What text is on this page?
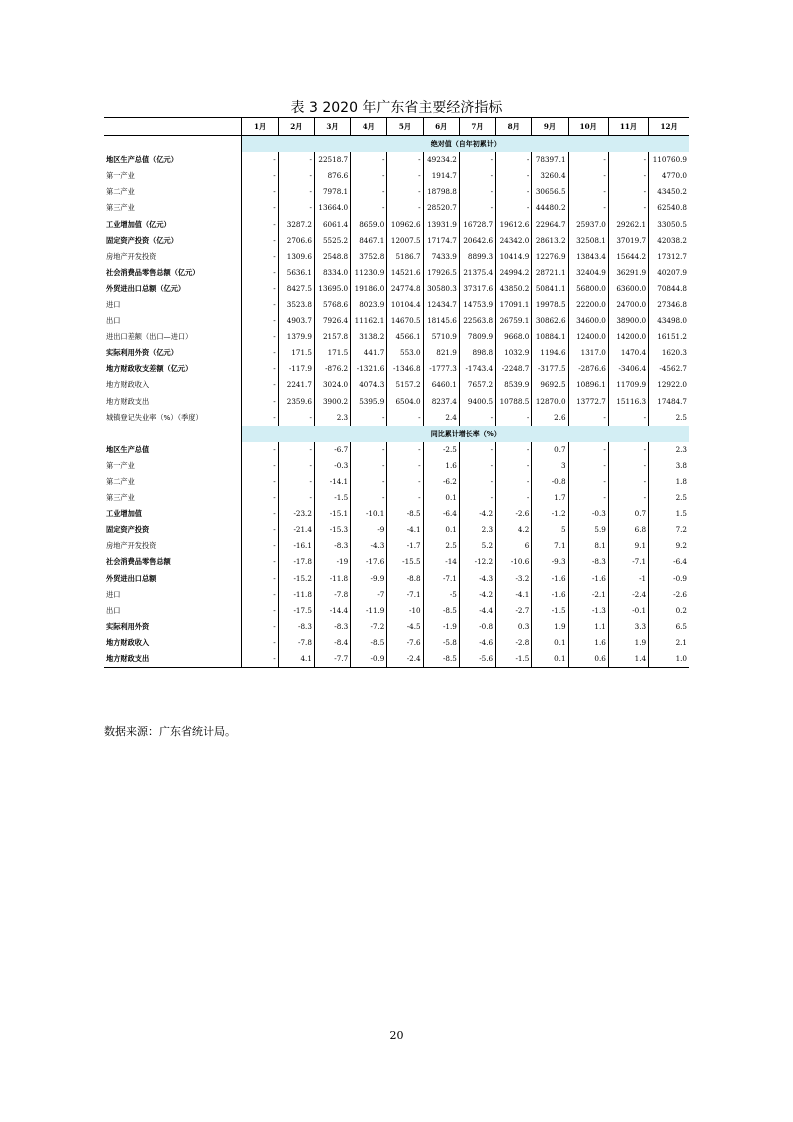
表 3 2020 年广东省主要经济指标
	1月	2月	3月	4月	5月	6月	7月	8月	9月	10月	11月	12月
	绝对值（自年初累计）											
地区生产总值（亿元）	-	-	22518.7	-	-	49234.2	-	-	78397.1	-	-	110760.9
第一产业	-	-	876.6	-	-	1914.7	-	-	3260.4	-	-	4770.0
第二产业	-	-	7978.1	-	-	18798.8	-	-	30656.5	-	-	43450.2
第三产业	-	-	13664.0	-	-	28520.7	-	-	44480.2	-	-	62540.8
工业增加值（亿元）	-	3287.2	6061.4	8659.0	10962.6	13931.9	16728.7	19612.6	22964.7	25937.0	29262.1	33050.5
固定资产投资（亿元）	-	2706.6	5525.2	8467.1	12007.5	17174.7	20642.6	24342.0	28613.2	32508.1	37019.7	42038.2
房地产开发投资	-	1309.6	2548.8	3752.8	5186.7	7433.9	8899.3	10414.9	12276.9	13843.4	15644.2	17312.7
社会消费品零售总额（亿元）	-	5636.1	8334.0	11230.9	14521.6	17926.5	21375.4	24994.2	28721.1	32404.9	36291.9	40207.9
外贸进出口总额（亿元）	-	8427.5	13695.0	19186.0	24774.8	30580.3	37317.6	43850.2	50841.1	56800.0	63600.0	70844.8
进口	-	3523.8	5768.6	8023.9	10104.4	12434.7	14753.9	17091.1	19978.5	22200.0	24700.0	27346.8
出口	-	4903.7	7926.4	11162.1	14670.5	18145.6	22563.8	26759.1	30862.6	34600.0	38900.0	43498.0
进出口差额（出口—进口）	-	1379.9	2157.8	3138.2	4566.1	5710.9	7809.9	9668.0	10884.1	12400.0	14200.0	16151.2
实际利用外资（亿元）	-	171.5	171.5	441.7	553.0	821.9	898.8	1032.9	1194.6	1317.0	1470.4	1620.3
地方财政收支差额（亿元）	-	-117.9	-876.2	-1321.6	-1346.8	-1777.3	-1743.4	-2248.7	-3177.5	-2876.6	-3406.4	-4562.7
地方财政收入	-	2241.7	3024.0	4074.3	5157.2	6460.1	7657.2	8539.9	9692.5	10896.1	11709.9	12922.0
地方财政支出	-	2359.6	3900.2	5395.9	6504.0	8237.4	9400.5	10788.5	12870.0	13772.7	15116.3	17484.7
城镇登记失业率（%）（季度）	-	-	2.3	-	-	2.4	-	-	2.6	-	-	2.5
	同比累计增长率（%）											
地区生产总值	-	-	-6.7	-	-	-2.5	-	-	0.7	-	-	2.3
第一产业	-	-	-0.3	-	-	1.6	-	-	3	-	-	3.8
第二产业	-	-	-14.1	-	-	-6.2	-	-	-0.8	-	-	1.8
第三产业	-	-	-1.5	-	-	0.1	-	-	1.7	-	-	2.5
工业增加值	-	-23.2	-15.1	-10.1	-8.5	-6.4	-4.2	-2.6	-1.2	-0.3	0.7	1.5
固定资产投资	-	-21.4	-15.3	-9	-4.1	0.1	2.3	4.2	5	5.9	6.8	7.2
房地产开发投资	-	-16.1	-8.3	-4.3	-1.7	2.5	5.2	6	7.1	8.1	9.1	9.2
社会消费品零售总额	-	-17.8	-19	-17.6	-15.5	-14	-12.2	-10.6	-9.3	-8.3	-7.1	-6.4
外贸进出口总额	-	-15.2	-11.8	-9.9	-8.8	-7.1	-4.3	-3.2	-1.6	-1.6	-1	-0.9
进口	-	-11.8	-7.8	-7	-7.1	-5	-4.2	-4.1	-1.6	-2.1	-2.4	-2.6
出口	-	-17.5	-14.4	-11.9	-10	-8.5	-4.4	-2.7	-1.5	-1.3	-0.1	0.2
实际利用外资	-	-8.3	-8.3	-7.2	-4.5	-1.9	-0.8	0.3	1.9	1.1	3.3	6.5
地方财政收入	-	-7.8	-8.4	-8.5	-7.6	-5.8	-4.6	-2.8	0.1	1.6	1.9	2.1
地方财政支出	-	4.1	-7.7	-0.9	-2.4	-8.5	-5.6	-1.5	0.1	0.6	1.4	1.0
数据来源：广东省统计局。
20
